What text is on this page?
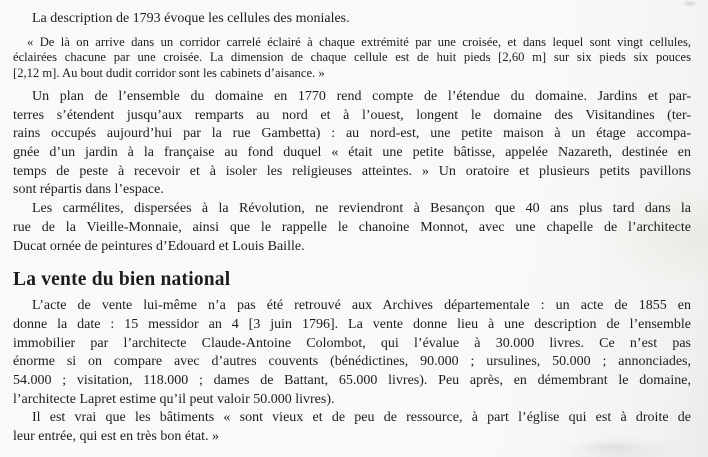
La description de 1793 évoque les cellules des moniales.
« De là on arrive dans un corridor carrelé éclairé à chaque extrémité par une croisée, et dans lequel sont vingt cellules,
éclairées chacune par une croisée. La dimension de chaque cellule est de huit pieds [2,60 m] sur six pieds six pouces
[2,12 m]. Au bout dudit corridor sont les cabinets d’aisance. »
Un plan de l’ensemble du domaine en 1770 rend compte de l’étendue du domaine. Jardins et par-
terres s’étendent jusqu’aux remparts au nord et à l’ouest, longent le domaine des Visitandines (ter-
rains occupés aujourd’hui par la rue Gambetta) : au nord-est, une petite maison à un étage accompa-
gnée d’un jardin à la française au fond duquel « était une petite bâtisse, appelée Nazareth, destinée en
temps de peste à recevoir et à isoler les religieuses atteintes. » Un oratoire et plusieurs petits pavillons
sont répartis dans l’espace.
Les carmélites, dispersées à la Révolution, ne reviendront à Besançon que 40 ans plus tard dans la
rue de la Vieille-Monnaie, ainsi que le rappelle le chanoine Monnot, avec une chapelle de l’architecte
Ducat ornée de peintures d’Edouard et Louis Baille.
La vente du bien national
L’acte de vente lui-même n’a pas été retrouvé aux Archives départementale : un acte de 1855 en
donne la date : 15 messidor an 4 [3 juin 1796]. La vente donne lieu à une description de l’ensemble
immobilier par l’architecte Claude-Antoine Colombot, qui l’évalue à 30.000 livres. Ce n’est pas
énorme si on compare avec d’autres couvents (bénédictines, 90.000 ; ursulines, 50.000 ; annonciades,
54.000 ; visitation, 118.000 ; dames de Battant, 65.000 livres). Peu après, en démembrant le domaine,
l’architecte Lapret estime qu’il peut valoir 50.000 livres).
Il est vrai que les bâtiments « sont vieux et de peu de ressource, à part l’église qui est à droite de
leur entrée, qui est en très bon état. »
